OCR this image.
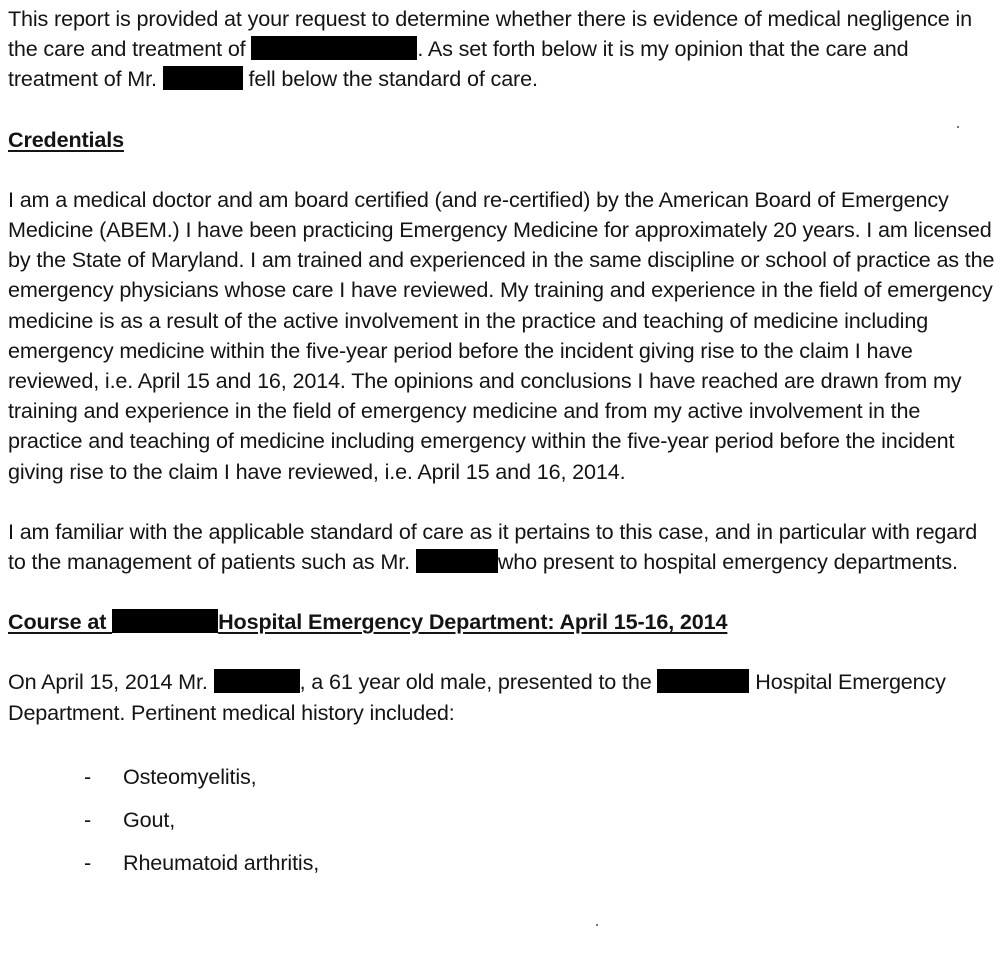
This report is provided at your request to determine whether there is evidence of medical negligence in the care and treatment of	. As set forth below it is my opinion that the care and treatment of Mr.	fell below the standard of care.

Credentials

I am a medical doctor and am board certified (and re-certified) by the American Board of Emergency Medicine (ABEM.) I have been practicing Emergency Medicine for approximately 20 years. I am licensed by the State of Maryland. I am trained and experienced in the same discipline or school of practice as the emergency physicians whose care I have reviewed. My training and experience in the field of emergency medicine is as a result of the active involvement in the practice and teaching of medicine including emergency medicine within the five-year period before the incident giving rise to the claim I have reviewed, i.e. April 15 and 16, 2014. The opinions and conclusions I have reached are drawn from my training and experience in the field of emergency medicine and from my active involvement in the practice and teaching of medicine including emergency within the five-year period before the incident giving rise to the claim I have reviewed, i.e. April 15 and 16, 2014.

I am familiar with the applicable standard of care as it pertains to this case, and in particular with regard to the management of patients such as Mr.	who present to hospital emergency departments.

Course at	Hospital Emergency Department: April 15-16, 2014

On April 15, 2014 Mr.	, a 61 year old male, presented to the	Hospital Emergency Department. Pertinent medical history included:

- Osteomyelitis,
- Gout,
- Rheumatoid arthritis,
